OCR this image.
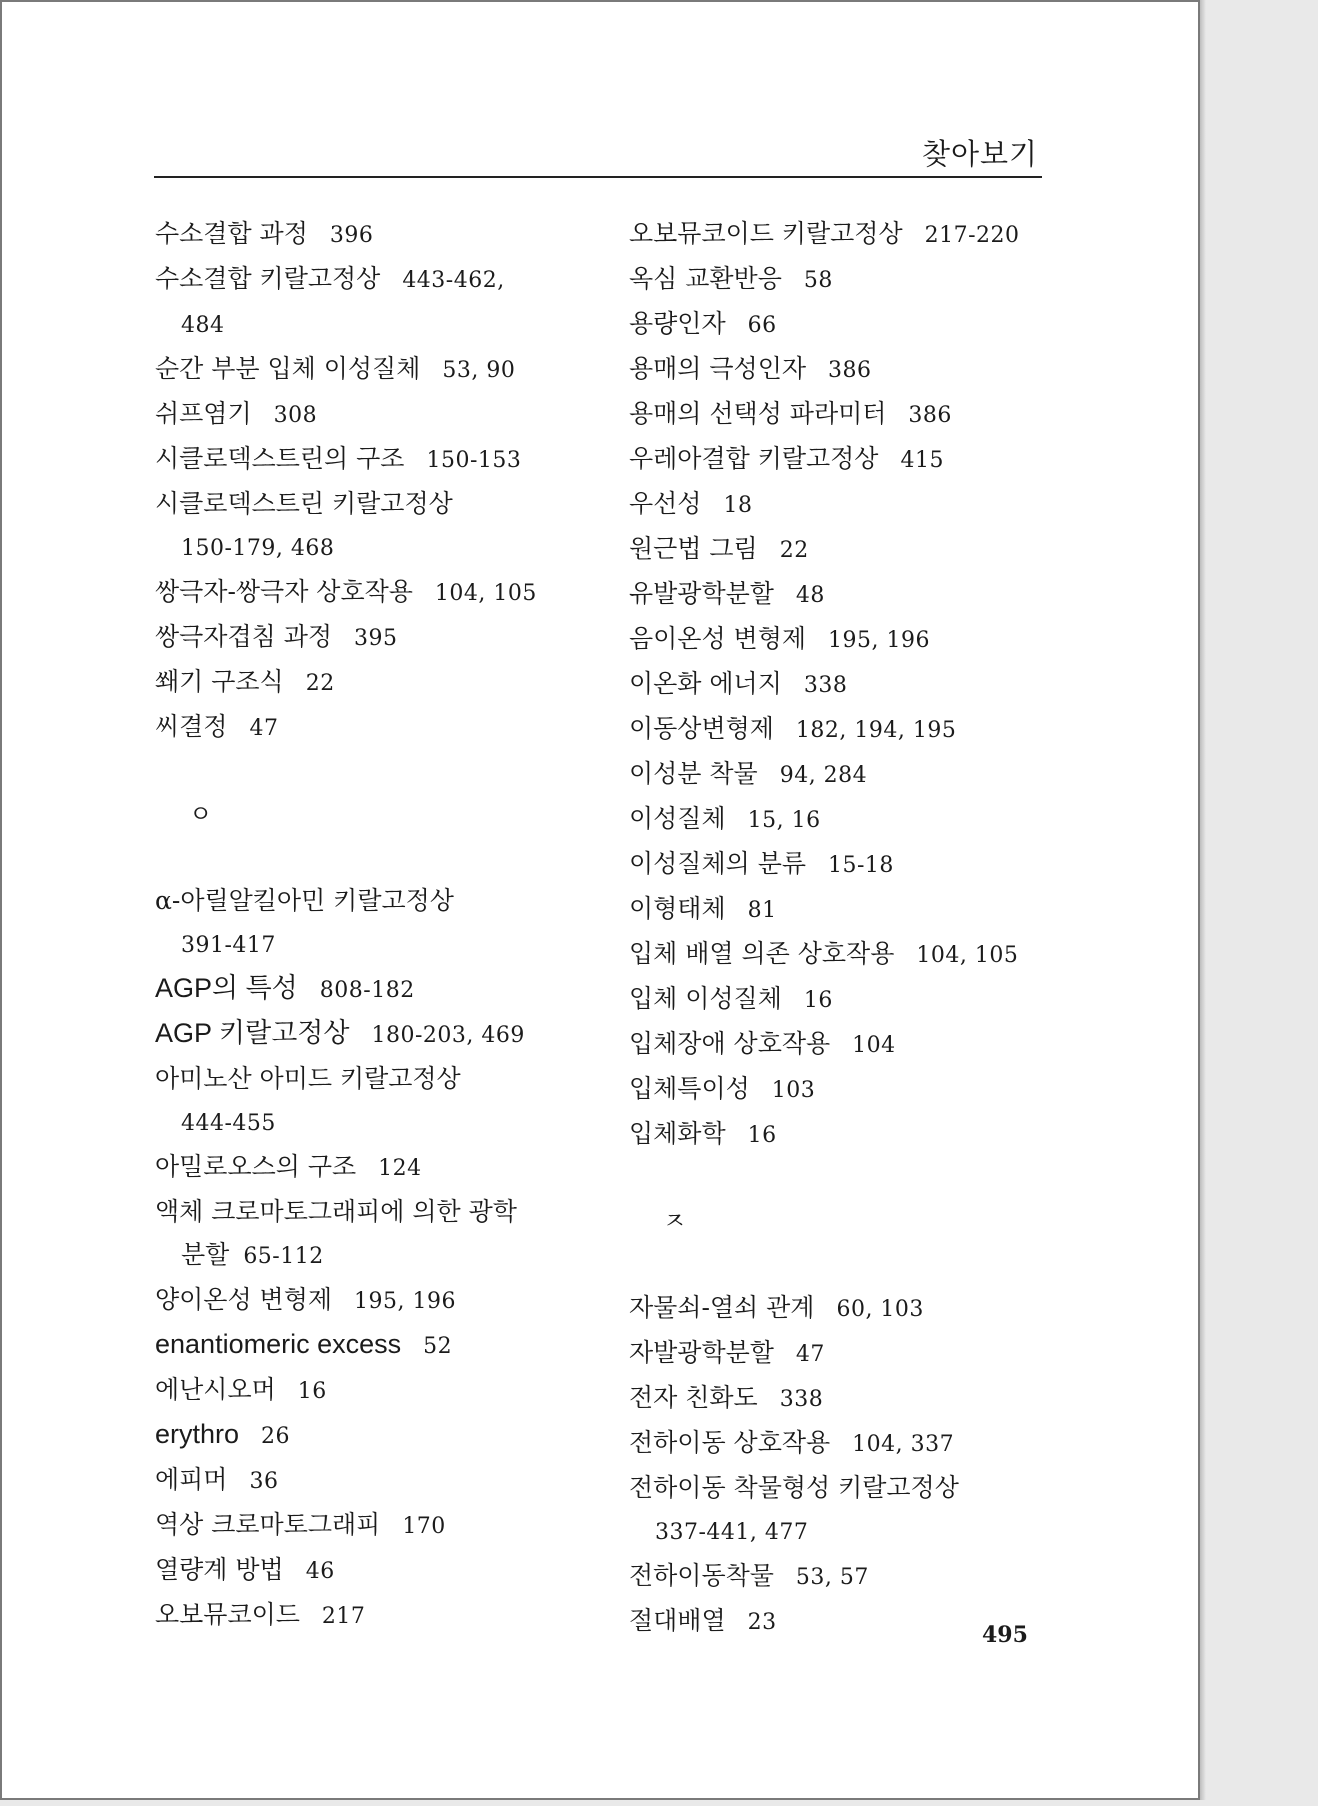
찾아보기
수소결합 과정 396
수소결합 키랄고정상 443-462,
484
순간 부분 입체 이성질체 53, 90
쉬프염기 308
시클로덱스트린의 구조 150-153
시클로덱스트린 키랄고정상
150-179, 468
쌍극자-쌍극자 상호작용 104, 105
쌍극자겹침 과정 395
쐐기 구조식 22
씨결정 47
ㅇ
α-아릴알킬아민 키랄고정상
391-417
AGP의 특성 808-182
AGP 키랄고정상 180-203, 469
아미노산 아미드 키랄고정상
444-455
아밀로오스의 구조 124
액체 크로마토그래피에 의한 광학
분할 65-112
양이온성 변형제 195, 196
enantiomeric excess 52
에난시오머 16
erythro 26
에피머 36
역상 크로마토그래피 170
열량계 방법 46
오보뮤코이드 217
오보뮤코이드 키랄고정상 217-220
옥심 교환반응 58
용량인자 66
용매의 극성인자 386
용매의 선택성 파라미터 386
우레아결합 키랄고정상 415
우선성 18
원근법 그림 22
유발광학분할 48
음이온성 변형제 195, 196
이온화 에너지 338
이동상변형제 182, 194, 195
이성분 착물 94, 284
이성질체 15, 16
이성질체의 분류 15-18
이형태체 81
입체 배열 의존 상호작용 104, 105
입체 이성질체 16
입체장애 상호작용 104
입체특이성 103
입체화학 16
ㅈ
자물쇠-열쇠 관계 60, 103
자발광학분할 47
전자 친화도 338
전하이동 상호작용 104, 337
전하이동 착물형성 키랄고정상
337-441, 477
전하이동착물 53, 57
절대배열 23	495
